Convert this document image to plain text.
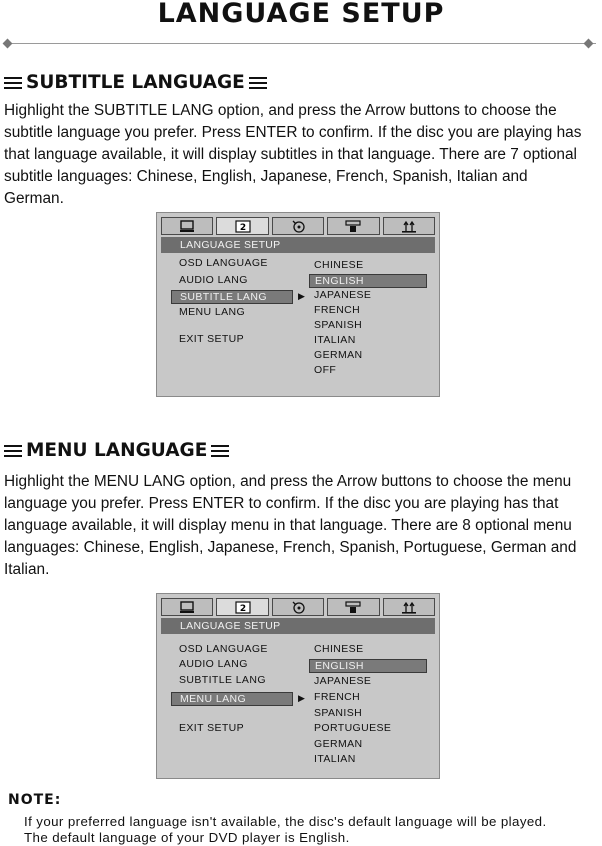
LANGUAGE SETUP
SUBTITLE LANGUAGE
Highlight the SUBTITLE LANG option, and press the Arrow buttons to choose the
subtitle language you prefer. Press ENTER to confirm. If the disc you are playing has
that language available, it will display subtitles in that language. There are 7 optional
subtitle languages: Chinese, English, Japanese, French, Spanish, Italian and
German.
2
LANGUAGE SETUP
OSD LANGUAGE
AUDIO LANG
SUBTITLE LANG	▶
MENU LANG
EXIT SETUP
CHINESE
ENGLISH
JAPANESE
FRENCH
SPANISH
ITALIAN
GERMAN
OFF
MENU LANGUAGE
Highlight the MENU LANG option, and press the Arrow buttons to choose the menu
language you prefer. Press ENTER to confirm. If the disc you are playing has that
language available, it will display menu in that language. There are 8 optional menu
languages: Chinese, English, Japanese, French, Spanish, Portuguese, German and
Italian.
2
LANGUAGE SETUP
OSD LANGUAGE
AUDIO LANG
SUBTITLE LANG
MENU LANG	▶
EXIT SETUP
CHINESE
ENGLISH
JAPANESE
FRENCH
SPANISH
PORTUGUESE
GERMAN
ITALIAN
NOTE:
If your preferred language isn't available, the disc's default language will be played.
The default language of your DVD player is English.
